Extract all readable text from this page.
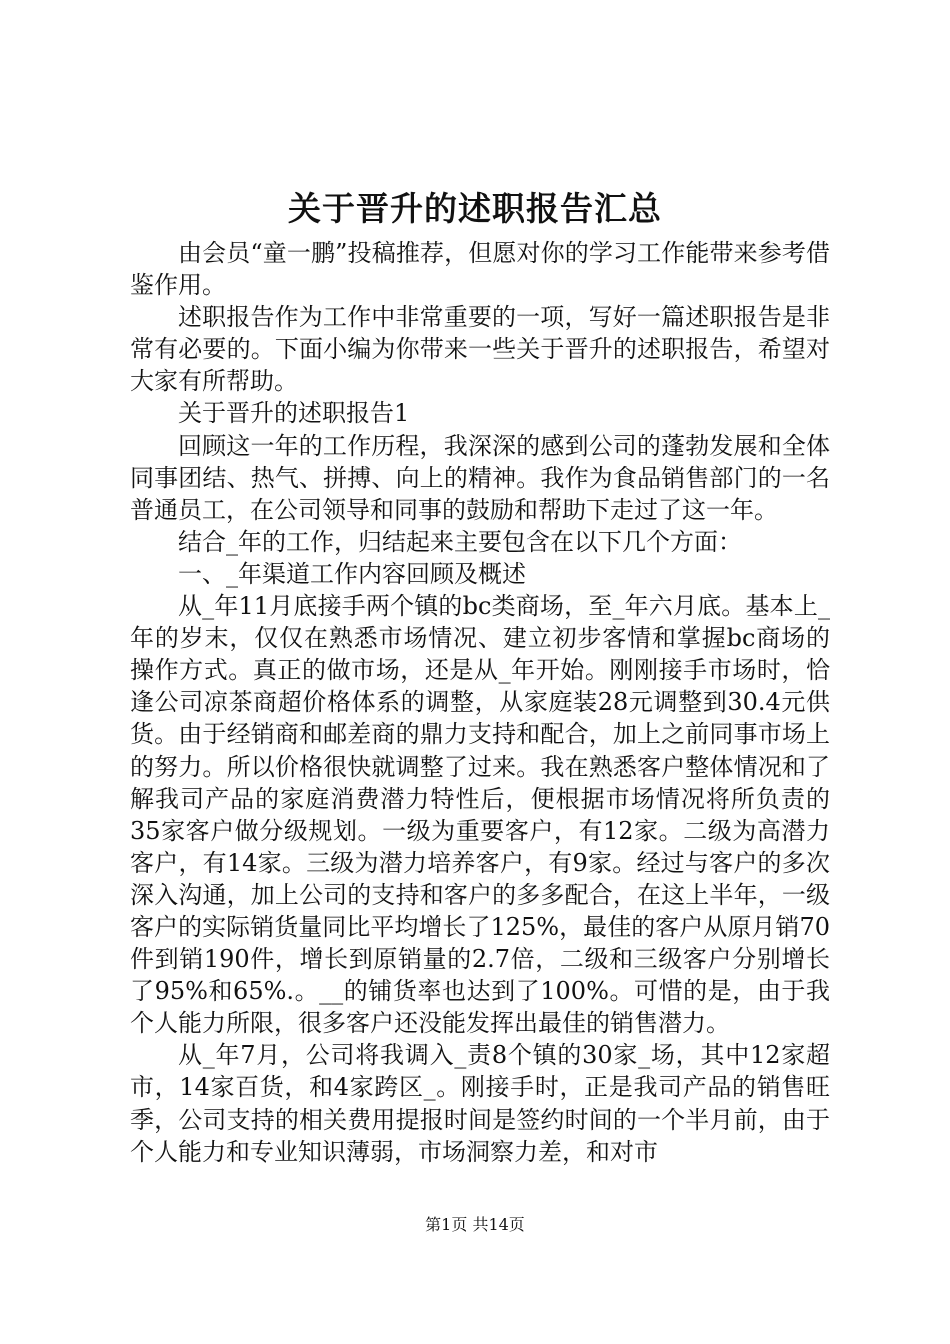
关于晋升的述职报告汇总

由会员“童一鹏”投稿推荐，但愿对你的学习工作能带来参考借鉴作用。

述职报告作为工作中非常重要的一项，写好一篇述职报告是非常有必要的。下面小编为你带来一些关于晋升的述职报告，希望对大家有所帮助。

关于晋升的述职报告1

回顾这一年的工作历程，我深深的感到公司的蓬勃发展和全体同事团结、热气、拼搏、向上的精神。我作为食品销售部门的一名普通员工，在公司领导和同事的鼓励和帮助下走过了这一年。

结合_年的工作，归结起来主要包含在以下几个方面：

一、_年渠道工作内容回顾及概述

从_年11月底接手两个镇的bc类商场，至_年六月底。基本上_年的岁末，仅仅在熟悉市场情况、建立初步客情和掌握bc商场的操作方式。真正的做市场，还是从_年开始。刚刚接手市场时，恰逢公司凉茶商超价格体系的调整，从家庭装28元调整到30.4元供货。由于经销商和邮差商的鼎力支持和配合，加上之前同事市场上的努力。所以价格很快就调整了过来。我在熟悉客户整体情况和了解我司产品的家庭消费潜力特性后，便根据市场情况将所负责的35家客户做分级规划。一级为重要客户，有12家。二级为高潜力客户，有14家。三级为潜力培养客户，有9家。经过与客户的多次深入沟通，加上公司的支持和客户的多多配合，在这上半年，一级客户的实际销货量同比平均增长了125%，最佳的客户从原月销70件到销190件，增长到原销量的2.7倍，二级和三级客户分别增长了95%和65%.。__的铺货率也达到了100%。可惜的是，由于我个人能力所限，很多客户还没能发挥出最佳的销售潜力。

从_年7月，公司将我调入_责8个镇的30家_场，其中12家超市，14家百货，和4家跨区_。刚接手时，正是我司产品的销售旺季，公司支持的相关费用提报时间是签约时间的一个半月前，由于个人能力和专业知识薄弱，市场洞察力差，和对市

第1页 共14页
